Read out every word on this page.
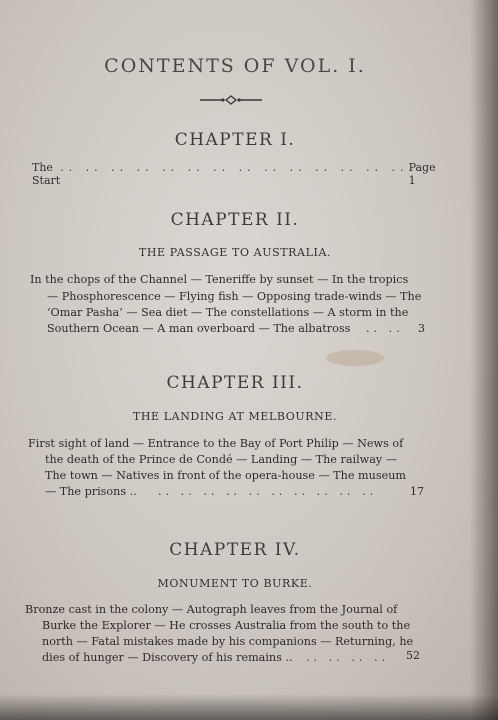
CONTENTS OF VOL. I.
CHAPTER I.
The Start
.. .. .. .. .. .. .. .. .. .. .. .. .. .. Page 1
CHAPTER II.
THE PASSAGE TO AUSTRALIA.
In the chops of the Channel — Teneriffe by sunset — In the tropics
— Phosphorescence — Flying fish — Opposing trade-winds — The
‘Omar Pasha’ — Sea diet — The constellations — A storm in the
Southern Ocean — A man overboard — The albatross .. .. 3
CHAPTER III.
THE LANDING AT MELBOURNE.
First sight of land — Entrance to the Bay of Port Philip — News of
the death of the Prince de Condé — Landing — The railway —
The town — Natives in front of the opera-house — The museum
— The prisons .. .. .. .. .. .. .. .. .. .. ..	17
CHAPTER IV.
MONUMENT TO BURKE.
Bronze cast in the colony — Autograph leaves from the Journal of
Burke the Explorer — He crosses Australia from the south to the
north — Fatal mistakes made by his companions — Returning, he
dies of hunger — Discovery of his remains .. .. .. .. .. 52
